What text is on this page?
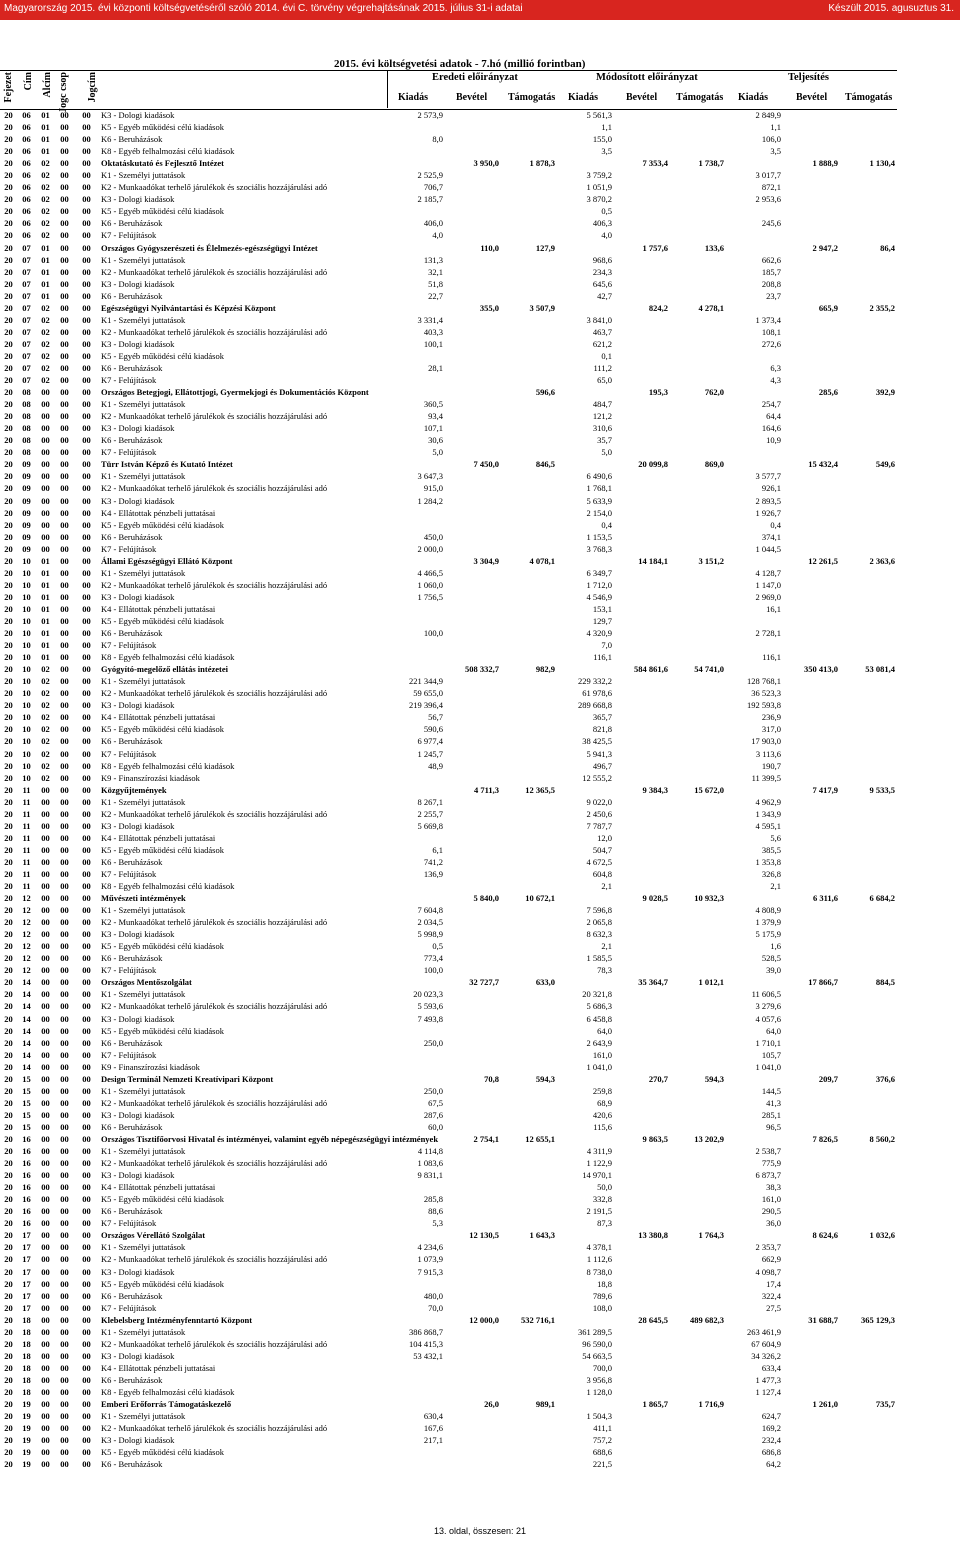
Magyarország 2015. évi központi költségvetéséről szóló 2014. évi C. törvény végrehajtásának 2015. július 31-i adatai	Készült 2015. agusuztus 31.
2015. évi költségvetési adatok - 7.hó (millió forintban)
Fejezet Cím Alcím Jogc csop	Jogcím	Eredeti előirányzat	Módosított előirányzat	Teljesítés
Kiadás	Bevétel Támogatás Kiadás	Bevétel Támogatás Kiadás	Bevétel Támogatás
20	06	01	00	00	K3 - Dologi kiadások	2 573,9			5 561,3			2 849,9		
20	06	01	00	00	K5 - Egyéb működési célú kiadások				1,1			1,1		
20	06	01	00	00	K6 - Beruházások	8,0			155,0			106,0		
20	06	01	00	00	K8 - Egyéb felhalmozási célú kiadások				3,5			3,5		
20	06	02	00	00	Oktatáskutató és Fejlesztő Intézet		3 950,0	1 878,3		7 353,4	1 738,7		1 888,9	1 130,4
20	06	02	00	00	K1 - Személyi juttatások	2 525,9			3 759,2			3 017,7		
20	06	02	00	00	K2 - Munkaadókat terhelő járulékok és szociális hozzájárulási adó	706,7			1 051,9			872,1		
20	06	02	00	00	K3 - Dologi kiadások	2 185,7			3 870,2			2 953,6		
20	06	02	00	00	K5 - Egyéb működési célú kiadások				0,5					
20	06	02	00	00	K6 - Beruházások	406,0			406,3			245,6		
20	06	02	00	00	K7 - Felújítások	4,0			4,0					
20	07	01	00	00	Országos Gyógyszerészeti és Élelmezés-egészségügyi Intézet		110,0	127,9		1 757,6	133,6		2 947,2	86,4
20	07	01	00	00	K1 - Személyi juttatások	131,3			968,6			662,6		
20	07	01	00	00	K2 - Munkaadókat terhelő járulékok és szociális hozzájárulási adó	32,1			234,3			185,7		
20	07	01	00	00	K3 - Dologi kiadások	51,8			645,6			208,8		
20	07	01	00	00	K6 - Beruházások	22,7			42,7			23,7		
20	07	02	00	00	Egészségügyi Nyilvántartási és Képzési Központ		355,0	3 507,9		824,2	4 278,1		665,9	2 355,2
20	07	02	00	00	K1 - Személyi juttatások	3 331,4			3 841,0			1 373,4		
20	07	02	00	00	K2 - Munkaadókat terhelő járulékok és szociális hozzájárulási adó	403,3			463,7			108,1		
20	07	02	00	00	K3 - Dologi kiadások	100,1			621,2			272,6		
20	07	02	00	00	K5 - Egyéb működési célú kiadások				0,1					
20	07	02	00	00	K6 - Beruházások	28,1			111,2			6,3		
20	07	02	00	00	K7 - Felújítások				65,0			4,3		
20	08	00	00	00	Országos Betegjogi, Ellátottjogi, Gyermekjogi és Dokumentációs Központ			596,6		195,3	762,0		285,6	392,9
20	08	00	00	00	K1 - Személyi juttatások	360,5			484,7			254,7		
20	08	00	00	00	K2 - Munkaadókat terhelő járulékok és szociális hozzájárulási adó	93,4			121,2			64,4		
20	08	00	00	00	K3 - Dologi kiadások	107,1			310,6			164,6		
20	08	00	00	00	K6 - Beruházások	30,6			35,7			10,9		
20	08	00	00	00	K7 - Felújítások	5,0			5,0					
20	09	00	00	00	Türr István Képző és Kutató Intézet		7 450,0	846,5		20 099,8	869,0		15 432,4	549,6
20	09	00	00	00	K1 - Személyi juttatások	3 647,3			6 490,6			3 577,7		
20	09	00	00	00	K2 - Munkaadókat terhelő járulékok és szociális hozzájárulási adó	915,0			1 768,1			926,1		
20	09	00	00	00	K3 - Dologi kiadások	1 284,2			5 633,9			2 893,5		
20	09	00	00	00	K4 - Ellátottak pénzbeli juttatásai				2 154,0			1 926,7		
20	09	00	00	00	K5 - Egyéb működési célú kiadások				0,4			0,4		
20	09	00	00	00	K6 - Beruházások	450,0			1 153,5			374,1		
20	09	00	00	00	K7 - Felújítások	2 000,0			3 768,3			1 044,5		
20	10	01	00	00	Állami Egészségügyi Ellátó Központ		3 304,9	4 078,1		14 184,1	3 151,2		12 261,5	2 363,6
20	10	01	00	00	K1 - Személyi juttatások	4 466,5			6 349,7			4 128,7		
20	10	01	00	00	K2 - Munkaadókat terhelő járulékok és szociális hozzájárulási adó	1 060,0			1 712,0			1 147,0		
20	10	01	00	00	K3 - Dologi kiadások	1 756,5			4 546,9			2 969,0		
20	10	01	00	00	K4 - Ellátottak pénzbeli juttatásai				153,1			16,1		
20	10	01	00	00	K5 - Egyéb működési célú kiadások				129,7					
20	10	01	00	00	K6 - Beruházások	100,0			4 320,9			2 728,1		
20	10	01	00	00	K7 - Felújítások				7,0					
20	10	01	00	00	K8 - Egyéb felhalmozási célú kiadások				116,1			116,1		
20	10	02	00	00	Gyógyító-megelőző ellátás intézetei		508 332,7	982,9		584 861,6	54 741,0		350 413,0	53 081,4
20	10	02	00	00	K1 - Személyi juttatások	221 344,9			229 332,2			128 768,1		
20	10	02	00	00	K2 - Munkaadókat terhelő járulékok és szociális hozzájárulási adó	59 655,0			61 978,6			36 523,3		
20	10	02	00	00	K3 - Dologi kiadások	219 396,4			289 668,8			192 593,8		
20	10	02	00	00	K4 - Ellátottak pénzbeli juttatásai	56,7			365,7			236,9		
20	10	02	00	00	K5 - Egyéb működési célú kiadások	590,6			821,8			317,0		
20	10	02	00	00	K6 - Beruházások	6 977,4			38 425,5			17 903,0		
20	10	02	00	00	K7 - Felújítások	1 245,7			5 941,3			3 113,6		
20	10	02	00	00	K8 - Egyéb felhalmozási célú kiadások	48,9			496,7			190,7		
20	10	02	00	00	K9 - Finanszírozási kiadások				12 555,2			11 399,5		
20	11	00	00	00	Közgyűjtemények		4 711,3	12 365,5		9 384,3	15 672,0		7 417,9	9 533,5
20	11	00	00	00	K1 - Személyi juttatások	8 267,1			9 022,0			4 962,9		
20	11	00	00	00	K2 - Munkaadókat terhelő járulékok és szociális hozzájárulási adó	2 255,7			2 450,6			1 343,9		
20	11	00	00	00	K3 - Dologi kiadások	5 669,8			7 787,7			4 595,1		
20	11	00	00	00	K4 - Ellátottak pénzbeli juttatásai				12,0			5,6		
20	11	00	00	00	K5 - Egyéb működési célú kiadások	6,1			504,7			385,5		
20	11	00	00	00	K6 - Beruházások	741,2			4 672,5			1 353,8		
20	11	00	00	00	K7 - Felújítások	136,9			604,8			326,8		
20	11	00	00	00	K8 - Egyéb felhalmozási célú kiadások				2,1			2,1		
20	12	00	00	00	Művészeti intézmények		5 840,0	10 672,1		9 028,5	10 932,3		6 311,6	6 684,2
20	12	00	00	00	K1 - Személyi juttatások	7 604,8			7 596,8			4 808,9		
20	12	00	00	00	K2 - Munkaadókat terhelő járulékok és szociális hozzájárulási adó	2 034,5			2 065,8			1 379,9		
20	12	00	00	00	K3 - Dologi kiadások	5 998,9			8 632,3			5 175,9		
20	12	00	00	00	K5 - Egyéb működési célú kiadások	0,5			2,1			1,6		
20	12	00	00	00	K6 - Beruházások	773,4			1 585,5			528,5		
20	12	00	00	00	K7 - Felújítások	100,0			78,3			39,0		
20	14	00	00	00	Országos Mentőszolgálat		32 727,7	633,0		35 364,7	1 012,1		17 866,7	884,5
20	14	00	00	00	K1 - Személyi juttatások	20 023,3			20 321,8			11 606,5		
20	14	00	00	00	K2 - Munkaadókat terhelő járulékok és szociális hozzájárulási adó	5 593,6			5 686,3			3 279,6		
20	14	00	00	00	K3 - Dologi kiadások	7 493,8			6 458,8			4 057,6		
20	14	00	00	00	K5 - Egyéb működési célú kiadások				64,0			64,0		
20	14	00	00	00	K6 - Beruházások	250,0			2 643,9			1 710,1		
20	14	00	00	00	K7 - Felújítások				161,0			105,7		
20	14	00	00	00	K9 - Finanszírozási kiadások				1 041,0			1 041,0		
20	15	00	00	00	Design Terminál Nemzeti Kreatívipari Központ		70,8	594,3		270,7	594,3		209,7	376,6
20	15	00	00	00	K1 - Személyi juttatások	250,0			259,8			144,5		
20	15	00	00	00	K2 - Munkaadókat terhelő járulékok és szociális hozzájárulási adó	67,5			68,9			41,3		
20	15	00	00	00	K3 - Dologi kiadások	287,6			420,6			285,1		
20	15	00	00	00	K6 - Beruházások	60,0			115,6			96,5		
20	16	00	00	00	Országos Tisztifőorvosi Hivatal és intézményei, valamint egyéb népegészségügyi intézmények		2 754,1	12 655,1		9 863,5	13 202,9		7 826,5	8 560,2
20	16	00	00	00	K1 - Személyi juttatások	4 114,8			4 311,9			2 538,7		
20	16	00	00	00	K2 - Munkaadókat terhelő járulékok és szociális hozzájárulási adó	1 083,6			1 122,9			775,9		
20	16	00	00	00	K3 - Dologi kiadások	9 831,1			14 970,1			6 873,7		
20	16	00	00	00	K4 - Ellátottak pénzbeli juttatásai				50,0			38,3		
20	16	00	00	00	K5 - Egyéb működési célú kiadások	285,8			332,8			161,0		
20	16	00	00	00	K6 - Beruházások	88,6			2 191,5			290,5		
20	16	00	00	00	K7 - Felújítások	5,3			87,3			36,0		
20	17	00	00	00	Országos Vérellátó Szolgálat		12 130,5	1 643,3		13 380,8	1 764,3		8 624,6	1 032,6
20	17	00	00	00	K1 - Személyi juttatások	4 234,6			4 378,1			2 353,7		
20	17	00	00	00	K2 - Munkaadókat terhelő járulékok és szociális hozzájárulási adó	1 073,9			1 112,6			662,9		
20	17	00	00	00	K3 - Dologi kiadások	7 915,3			8 738,0			4 098,7		
20	17	00	00	00	K5 - Egyéb működési célú kiadások				18,8			17,4		
20	17	00	00	00	K6 - Beruházások	480,0			789,6			322,4		
20	17	00	00	00	K7 - Felújítások	70,0			108,0			27,5		
20	18	00	00	00	Klebelsberg Intézményfenntartó Központ		12 000,0	532 716,1		28 645,5	489 682,3		31 688,7	365 129,3
20	18	00	00	00	K1 - Személyi juttatások	386 868,7			361 289,5			263 461,9		
20	18	00	00	00	K2 - Munkaadókat terhelő járulékok és szociális hozzájárulási adó	104 415,3			96 590,0			67 604,9		
20	18	00	00	00	K3 - Dologi kiadások	53 432,1			54 663,5			34 326,2		
20	18	00	00	00	K4 - Ellátottak pénzbeli juttatásai				700,0			633,4		
20	18	00	00	00	K6 - Beruházások				3 956,8			1 477,3		
20	18	00	00	00	K8 - Egyéb felhalmozási célú kiadások				1 128,0			1 127,4		
20	19	00	00	00	Emberi Erőforrás Támogatáskezelő		26,0	989,1		1 865,7	1 716,9		1 261,0	735,7
20	19	00	00	00	K1 - Személyi juttatások	630,4			1 504,3			624,7		
20	19	00	00	00	K2 - Munkaadókat terhelő járulékok és szociális hozzájárulási adó	167,6			411,1			169,2		
20	19	00	00	00	K3 - Dologi kiadások	217,1			757,2			232,4		
20	19	00	00	00	K5 - Egyéb működési célú kiadások				688,6			686,8		
20	19	00	00	00	K6 - Beruházások				221,5			64,2		
13. oldal, összesen: 21
